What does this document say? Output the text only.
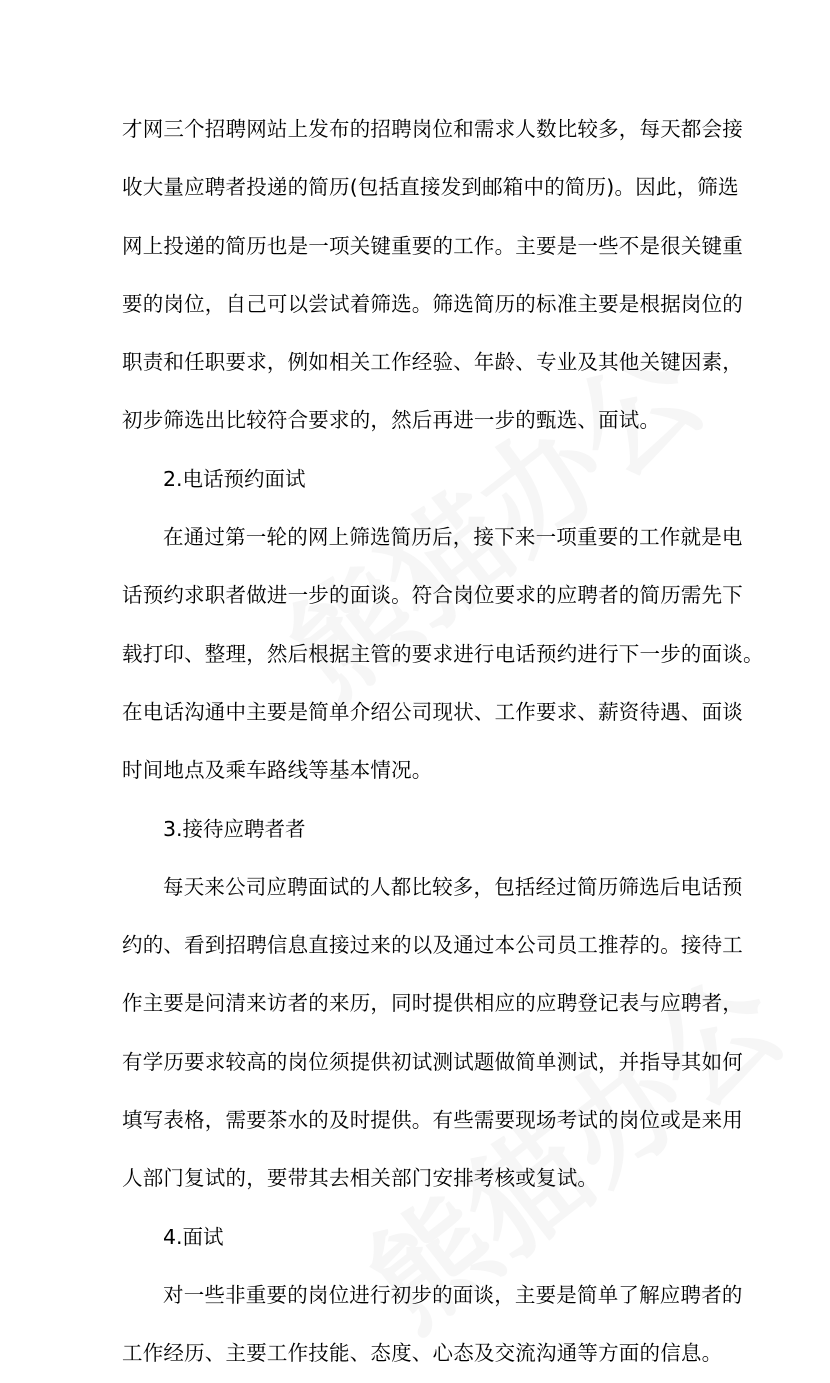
才网三个招聘网站上发布的招聘岗位和需求人数比较多，每天都会接
收大量应聘者投递的简历(包括直接发到邮箱中的简历)。因此，筛选
网上投递的简历也是一项关键重要的工作。主要是一些不是很关键重
要的岗位，自己可以尝试着筛选。筛选简历的标准主要是根据岗位的
职责和任职要求，例如相关工作经验、年龄、专业及其他关键因素，
初步筛选出比较符合要求的，然后再进一步的甄选、面试。

2.电话预约面试

在通过第一轮的网上筛选简历后，接下来一项重要的工作就是电
话预约求职者做进一步的面谈。符合岗位要求的应聘者的简历需先下
载打印、整理，然后根据主管的要求进行电话预约进行下一步的面谈。
在电话沟通中主要是简单介绍公司现状、工作要求、薪资待遇、面谈
时间地点及乘车路线等基本情况。

3.接待应聘者者

每天来公司应聘面试的人都比较多，包括经过简历筛选后电话预
约的、看到招聘信息直接过来的以及通过本公司员工推荐的。接待工
作主要是问清来访者的来历，同时提供相应的应聘登记表与应聘者，
有学历要求较高的岗位须提供初试测试题做简单测试，并指导其如何
填写表格，需要茶水的及时提供。有些需要现场考试的岗位或是来用
人部门复试的，要带其去相关部门安排考核或复试。

4.面试

对一些非重要的岗位进行初步的面谈，主要是简单了解应聘者的
工作经历、主要工作技能、态度、心态及交流沟通等方面的信息。
